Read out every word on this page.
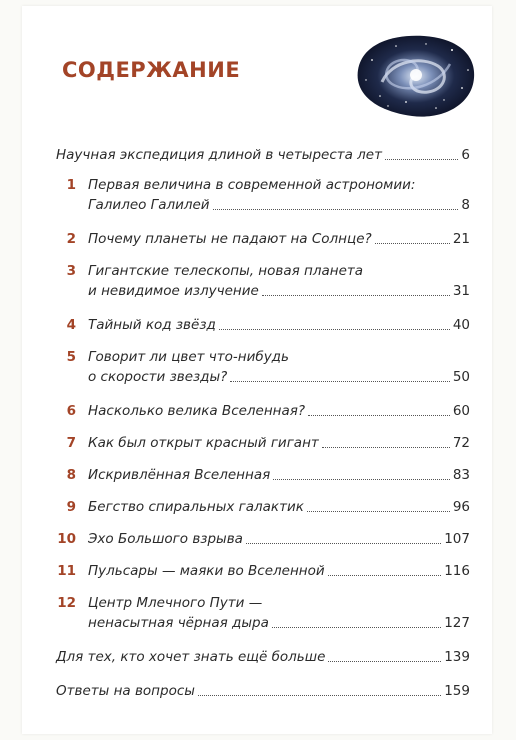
СОДЕРЖАНИЕ
Научная экспедиция длиной в четыреста лет	6
1 Первая величина в современной астрономии:
Галилео Галилей	8
2 Почему планеты не падают на Солнце?	21
3 Гигантские телескопы, новая планета
и невидимое излучение	31
4 Тайный код звёзд	40
5 Говорит ли цвет что-нибудь
о скорости звезды?	50
6 Насколько велика Вселенная?	60
7 Как был открыт красный гигант	72
8 Искривлённая Вселенная	83
9 Бегство спиральных галактик	96
10 Эхо Большого взрыва	107
11 Пульсары — маяки во Вселенной	116
12 Центр Млечного Пути —
ненасытная чёрная дыра	127
Для тех, кто хочет знать ещё больше	139
Ответы на вопросы	159
